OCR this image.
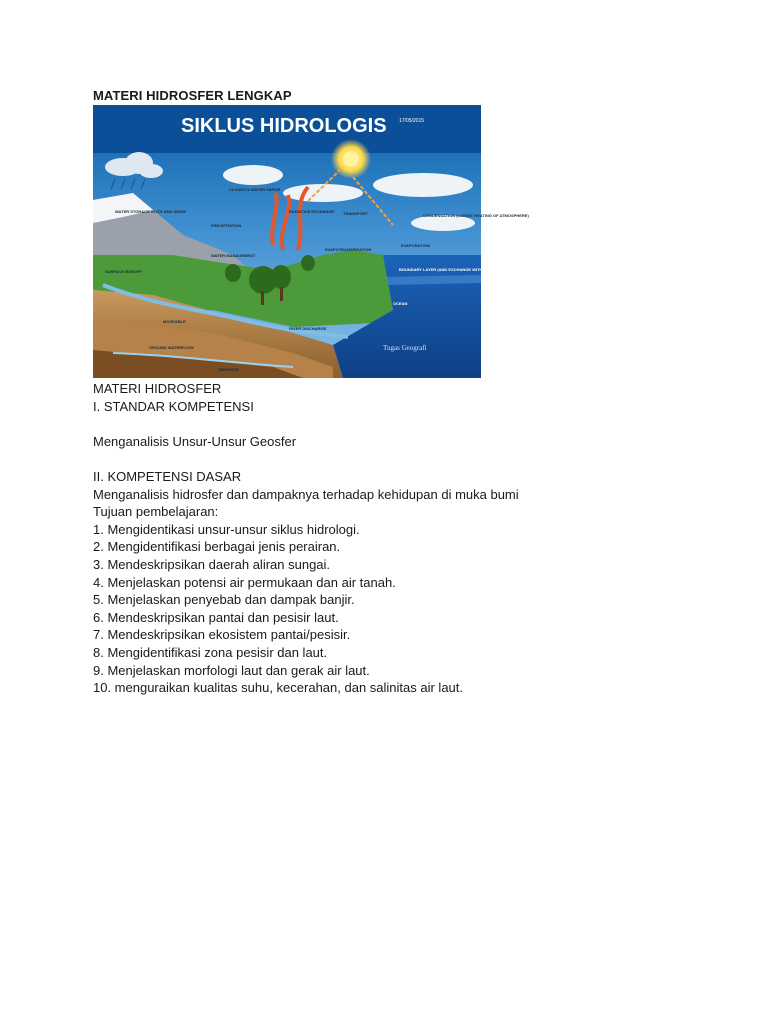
MATERI HIDROSFER LENGKAP
SIKLUS HIDROLOGIS 17/05/2015
CLOUDS & WATER VAPOR
PRECIPITATION
RADIATIVE EXCHANGE TRANSPORT	CONDENSATION (LATENT HEATING OF ATMOSPHERE)
WATER STORAGE IN ICE AND SNOW
EVAPOTRANSPIRATION
EVAPORATION
BOUNDARY LAYER (AND EXCHANGE WITH FREE ATMOSPHERE)
WATER MANAGEMENT
OCEAN
RIVER DISCHARGE
GROUND WATERFLOW
BEDROCK
MOVEABLE
SURFACE RUNOFF
Tugas Geografi
MATERI HIDROSFER
I. STANDAR KOMPETENSI
Menganalisis Unsur-Unsur Geosfer
II. KOMPETENSI DASAR
Menganalisis hidrosfer dan dampaknya terhadap kehidupan di muka bumi
Tujuan pembelajaran:
1. Mengidentikasi unsur-unsur siklus hidrologi.
2. Mengidentifikasi berbagai jenis perairan.
3. Mendeskripsikan daerah aliran sungai.
4. Menjelaskan potensi air permukaan dan air tanah.
5. Menjelaskan penyebab dan dampak banjir.
6. Mendeskripsikan pantai dan pesisir laut.
7. Mendeskripsikan ekosistem pantai/pesisir.
8. Mengidentifikasi zona pesisir dan laut.
9. Menjelaskan morfologi laut dan gerak air laut.
10. menguraikan kualitas suhu, kecerahan, dan salinitas air laut.
